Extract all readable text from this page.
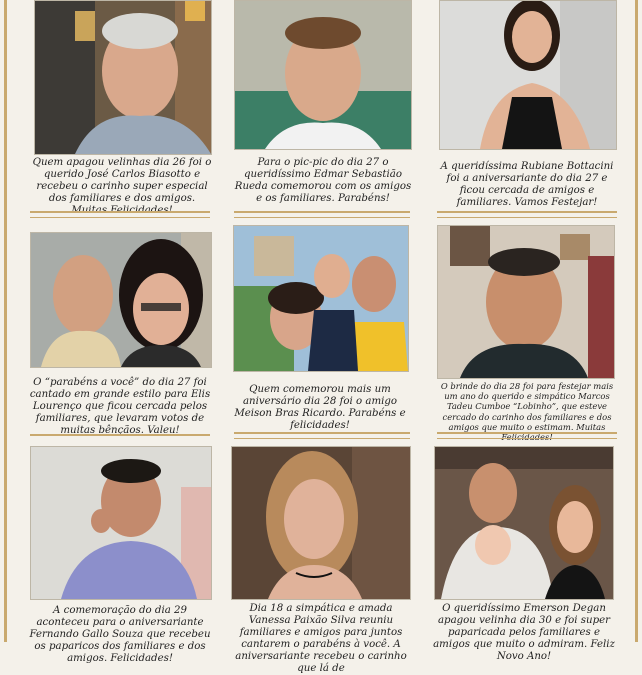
Quem apagou velinhas dia 26 foi o querido José Carlos Biasotto e recebeu o carinho super especial dos familiares e dos amigos. Muitas Felicidades!
Para o pic-pic do dia 27 o queridíssimo Edmar Sebastião Rueda comemorou com os amigos e os familiares. Parabéns!
A queridíssima Rubiane Bottacini foi a aniversariante do dia 27 e ficou cercada de amigos e familiares. Vamos Festejar!
O “parabéns a você” do dia 27 foi cantado em grande estilo para Elis Lourenço que ficou cercada pelos familiares, que levaram votos de muitas bênçãos. Valeu!
Quem comemorou mais um aniversário dia 28 foi o amigo Meison Bras Ricardo. Parabéns e felicidades!
O brinde do dia 28 foi para festejar mais um ano do querido e simpático Marcos Tadeu Cumboe “Lobinho”, que esteve cercado do carinho dos familiares e dos amigos que muito o estimam. Muitas Felicidades!
A comemoração do dia 29 aconteceu para o aniversariante Fernando Gallo Souza que recebeu os paparicos dos familiares e dos amigos. Felicidades!
Dia 18 a simpática e amada Vanessa Paixão Silva reuniu familiares e amigos para juntos cantarem o parabéns à você. A aniversariante recebeu o carinho que lá de
O queridíssimo Emerson Degan apagou velinha dia 30 e foi super paparicada pelos familiares e amigos que muito o admiram. Feliz Novo Ano!
